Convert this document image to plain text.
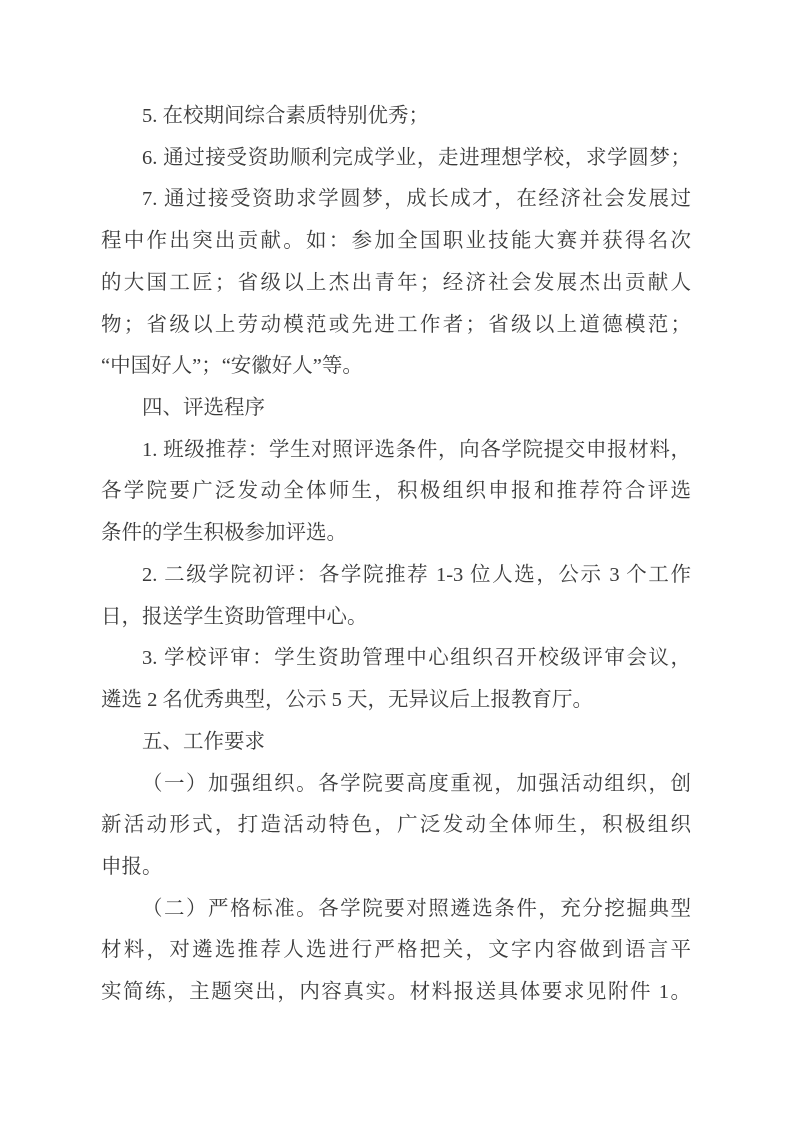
5. 在校期间综合素质特别优秀；
6. 通过接受资助顺利完成学业，走进理想学校，求学圆梦；
7. 通过接受资助求学圆梦，成长成才，在经济社会发展过
程中作出突出贡献。如：参加全国职业技能大赛并获得名次
的大国工匠；省级以上杰出青年；经济社会发展杰出贡献人
物；省级以上劳动模范或先进工作者；省级以上道德模范；
“中国好人”；“安徽好人”等。
四、评选程序
1. 班级推荐：学生对照评选条件，向各学院提交申报材料，
各学院要广泛发动全体师生，积极组织申报和推荐符合评选
条件的学生积极参加评选。
2. 二级学院初评：各学院推荐 1-3 位人选，公示 3 个工作
日，报送学生资助管理中心。
3. 学校评审：学生资助管理中心组织召开校级评审会议，
遴选 2 名优秀典型，公示 5 天，无异议后上报教育厅。
五、工作要求
（一）加强组织。各学院要高度重视，加强活动组织，创
新活动形式，打造活动特色，广泛发动全体师生，积极组织
申报。
（二）严格标准。各学院要对照遴选条件，充分挖掘典型
材料，对遴选推荐人选进行严格把关，文字内容做到语言平
实简练，主题突出，内容真实。材料报送具体要求见附件 1。
